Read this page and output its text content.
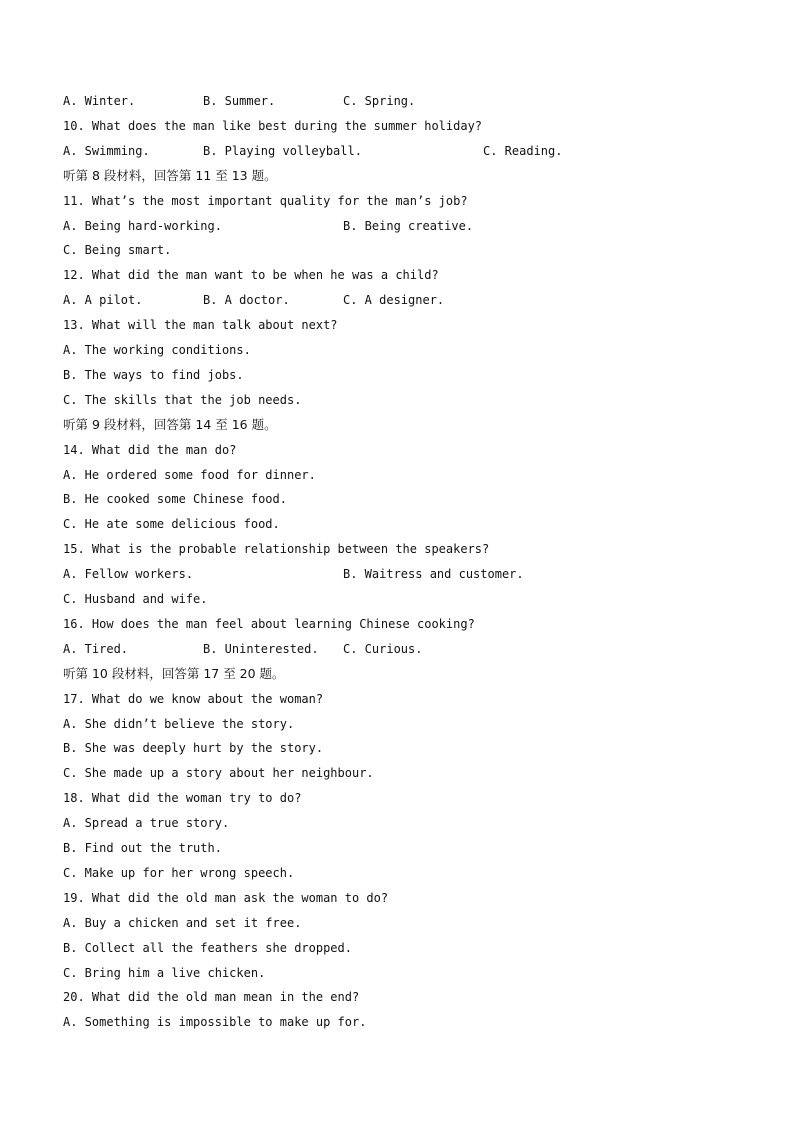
A. Winter.	B. Summer.	C. Spring.
10. What does the man like best during the summer holiday?
A. Swimming.	B. Playing volleyball.	C. Reading.
听第 8 段材料，回答第 11 至 13 题。
11. What’s the most important quality for the man’s job?
A. Being hard-working.	B. Being creative.
C. Being smart.
12. What did the man want to be when he was a child?
A. A pilot.	B. A doctor.	C. A designer.
13. What will the man talk about next?
A. The working conditions.
B. The ways to find jobs.
C. The skills that the job needs.
听第 9 段材料，回答第 14 至 16 题。
14. What did the man do?
A. He ordered some food for dinner.
B. He cooked some Chinese food.
C. He ate some delicious food.
15. What is the probable relationship between the speakers?
A. Fellow workers.	B. Waitress and customer.
C. Husband and wife.
16. How does the man feel about learning Chinese cooking?
A. Tired.	B. Uninterested. C. Curious.
听第 10 段材料，回答第 17 至 20 题。
17. What do we know about the woman?
A. She didn’t believe the story.
B. She was deeply hurt by the story.
C. She made up a story about her neighbour.
18. What did the woman try to do?
A. Spread a true story.
B. Find out the truth.
C. Make up for her wrong speech.
19. What did the old man ask the woman to do?
A. Buy a chicken and set it free.
B. Collect all the feathers she dropped.
C. Bring him a live chicken.
20. What did the old man mean in the end?
A. Something is impossible to make up for.
